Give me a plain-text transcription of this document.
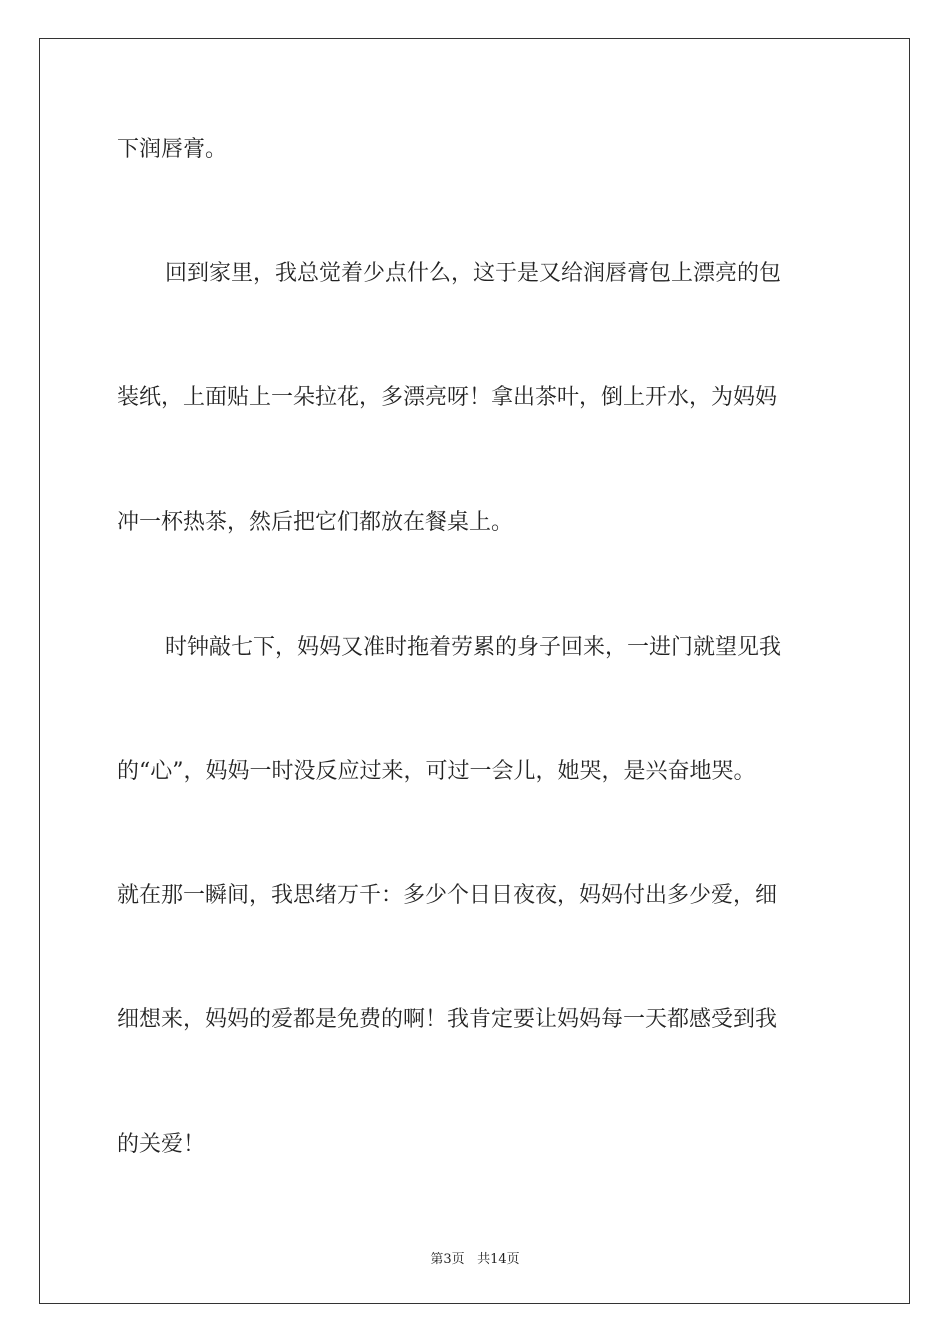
下润唇膏。
回到家里，我总觉着少点什么，这于是又给润唇膏包上漂亮的包
装纸，上面贴上一朵拉花，多漂亮呀！拿出茶叶，倒上开水，为妈妈
冲一杯热茶，然后把它们都放在餐桌上。
时钟敲七下，妈妈又准时拖着劳累的身子回来，一进门就望见我
的“心”，妈妈一时没反应过来，可过一会儿，她哭，是兴奋地哭。
就在那一瞬间，我思绪万千：多少个日日夜夜，妈妈付出多少爱，细
细想来，妈妈的爱都是免费的啊！我肯定要让妈妈每一天都感受到我
的关爱！
第3页 共14页
